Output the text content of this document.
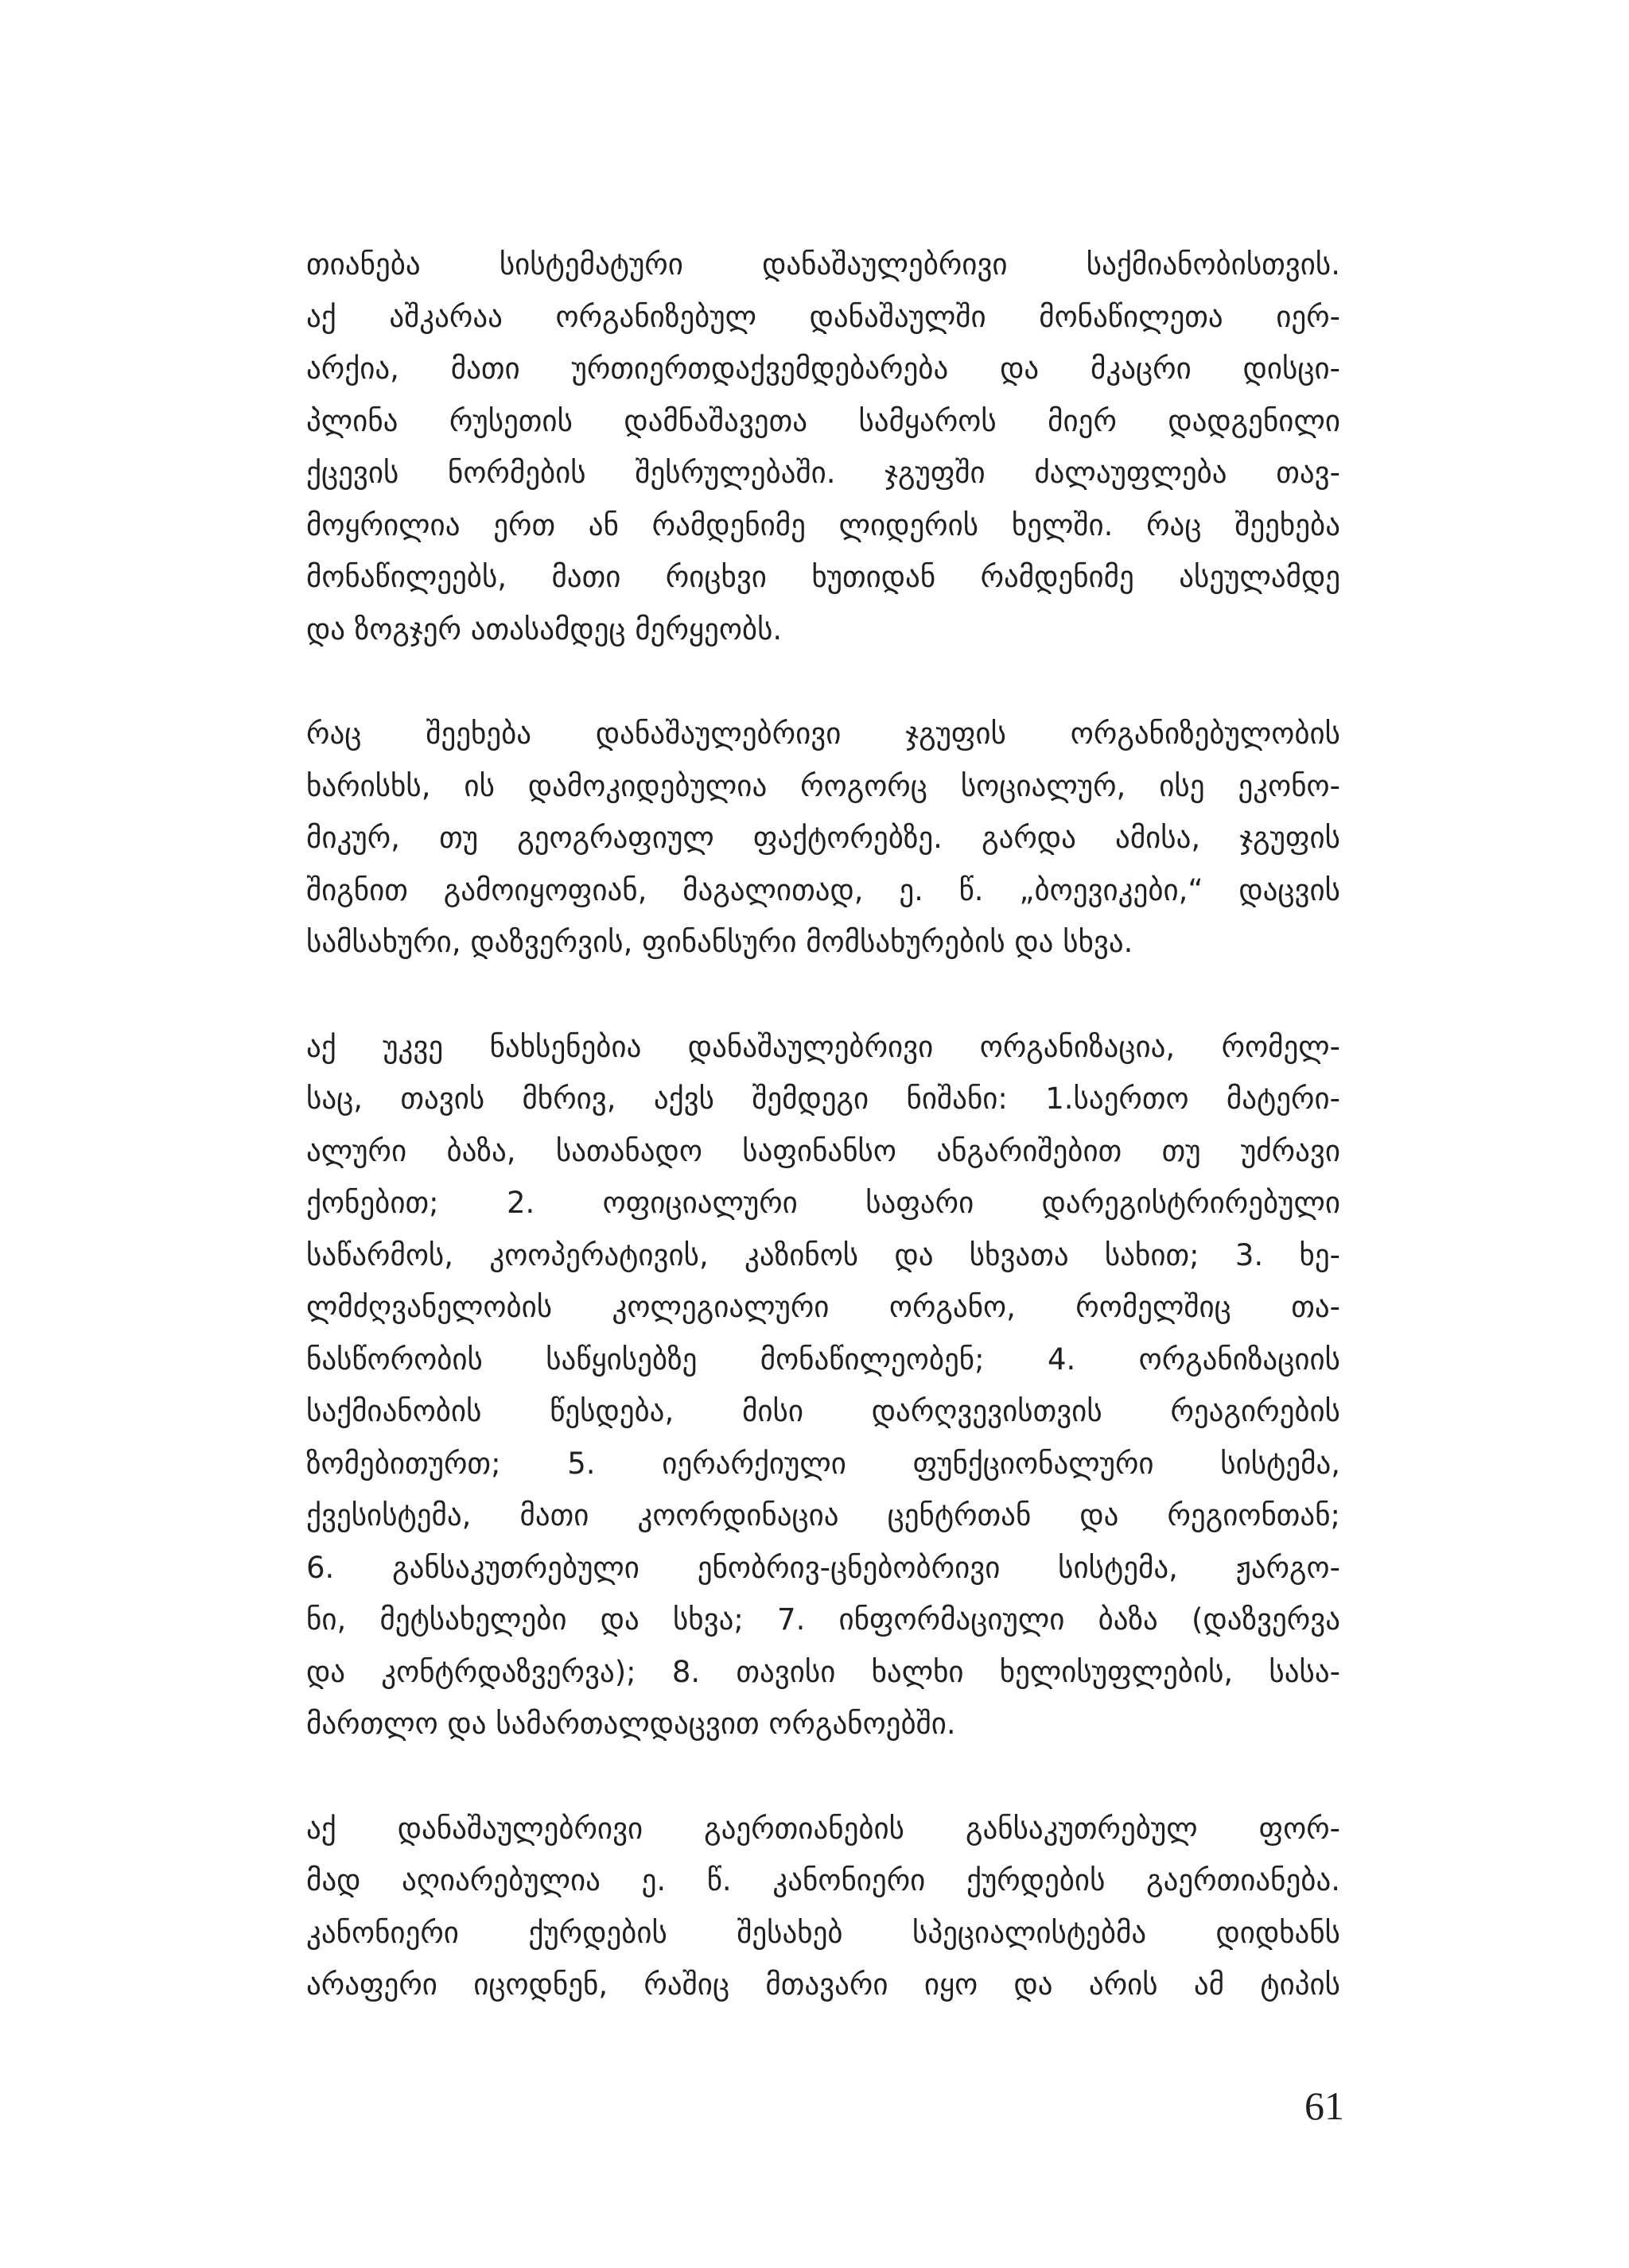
თიანება სისტემატური დანაშაულებრივი საქმიანობისთვის.
აქ აშკარაა ორგანიზებულ დანაშაულში მონაწილეთა იერ-
არქია, მათი ურთიერთდაქვემდებარება და მკაცრი დისცი-
პლინა რუსეთის დამნაშავეთა სამყაროს მიერ დადგენილი
ქცევის ნორმების შესრულებაში. ჯგუფში ძალაუფლება თავ-
მოყრილია ერთ ან რამდენიმე ლიდერის ხელში. რაც შეეხება
მონაწილეებს, მათი რიცხვი ხუთიდან რამდენიმე ასეულამდე
და ზოგჯერ ათასამდეც მერყეობს.

რაც შეეხება დანაშაულებრივი ჯგუფის ორგანიზებულობის
ხარისხს, ის დამოკიდებულია როგორც სოციალურ, ისე ეკონო-
მიკურ, თუ გეოგრაფიულ ფაქტორებზე. გარდა ამისა, ჯგუფის
შიგნით გამოიყოფიან, მაგალითად, ე. წ. „ბოევიკები,“ დაცვის
სამსახური, დაზვერვის, ფინანსური მომსახურების და სხვა.

აქ უკვე ნახსენებია დანაშაულებრივი ორგანიზაცია, რომელ-
საც, თავის მხრივ, აქვს შემდეგი ნიშანი: 1.საერთო მატერი-
ალური ბაზა, სათანადო საფინანსო ანგარიშებით თუ უძრავი
ქონებით; 2. ოფიციალური საფარი დარეგისტრირებული
საწარმოს, კოოპერატივის, კაზინოს და სხვათა სახით; 3. ხე-
ლმძღვანელობის კოლეგიალური ორგანო, რომელშიც თა-
ნასწორობის საწყისებზე მონაწილეობენ; 4. ორგანიზაციის
საქმიანობის წესდება, მისი დარღვევისთვის რეაგირების
ზომებითურთ; 5. იერარქიული ფუნქციონალური სისტემა,
ქვესისტემა, მათი კოორდინაცია ცენტრთან და რეგიონთან;
6. განსაკუთრებული ენობრივ-ცნებობრივი სისტემა, ჟარგო-
ნი, მეტსახელები და სხვა; 7. ინფორმაციული ბაზა (დაზვერვა
და კონტრდაზვერვა); 8. თავისი ხალხი ხელისუფლების, სასა-
მართლო და სამართალდაცვით ორგანოებში.

აქ დანაშაულებრივი გაერთიანების განსაკუთრებულ ფორ-
მად აღიარებულია ე. წ. კანონიერი ქურდების გაერთიანება.
კანონიერი ქურდების შესახებ სპეციალისტებმა დიდხანს
არაფერი იცოდნენ, რაშიც მთავარი იყო და არის ამ ტიპის

61
